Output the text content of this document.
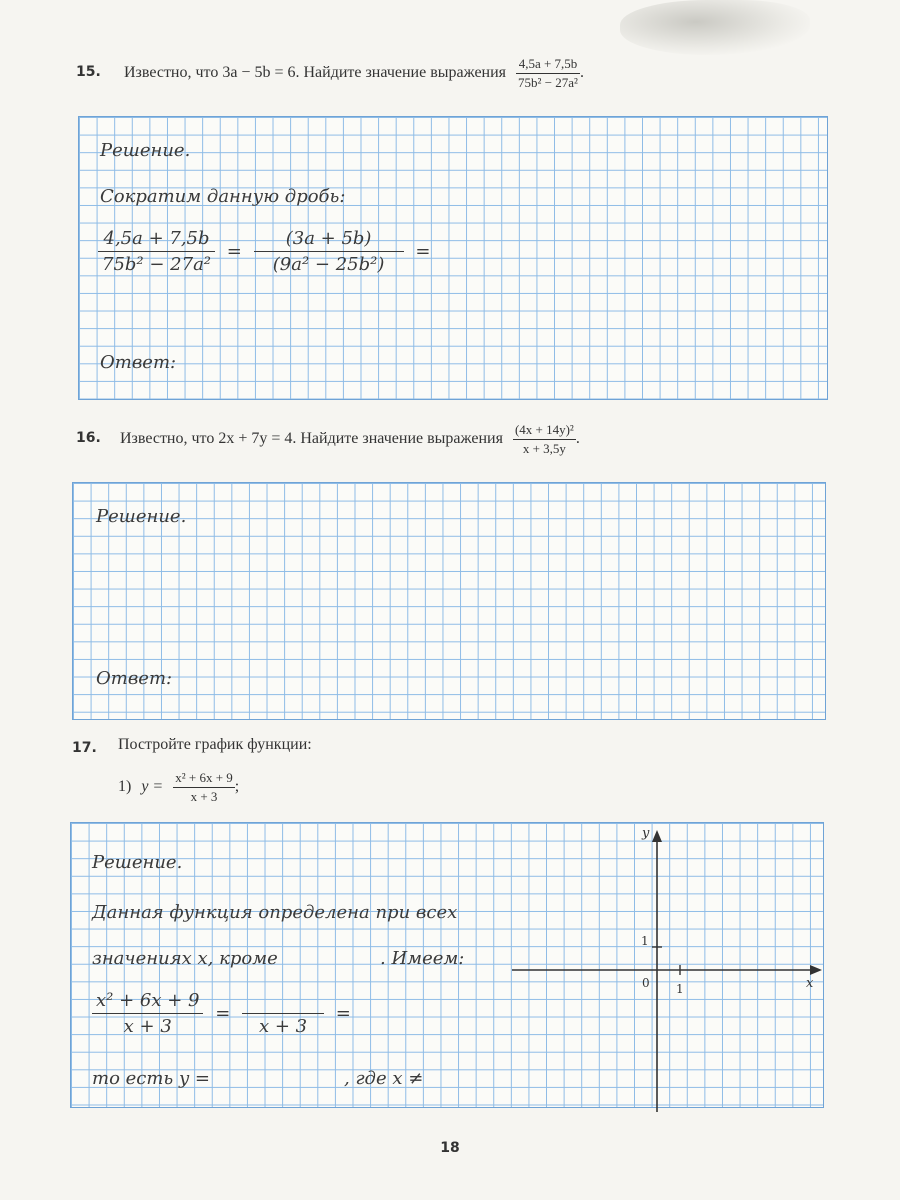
15. Известно, что 3a − 5b = 6. Найдите значение выражения $\frac{4,5a + 7,5b}{\text{75b² − 27a²}}$ .
Решение.
Сократим данную дробь:
$\frac{4,5a + 7,5b}{\text{75b² − 27a²}} = \frac{(3a + 5b)}{\text{(9a² − 25b²)}}$ =
Ответ:
16. Известно, что 2x + 7y = 4. Найдите значение выражения $\frac{\text{(4x + 14y)²}}{x + 3,5y}$ .
Решение.
Ответ:
17. Постройте график функции:
1) $y = \frac{\text{x² + 6x + 9}}{x + 3}$ ;
Решение.
Данная функция определена при всех
значениях x, кроме	. Имеем:
$\frac{\text{x² + 6x + 9}}{x + 3}$ =

x + 3
=
то есть y =	, где x ≠
x
y
0 1
1
18
